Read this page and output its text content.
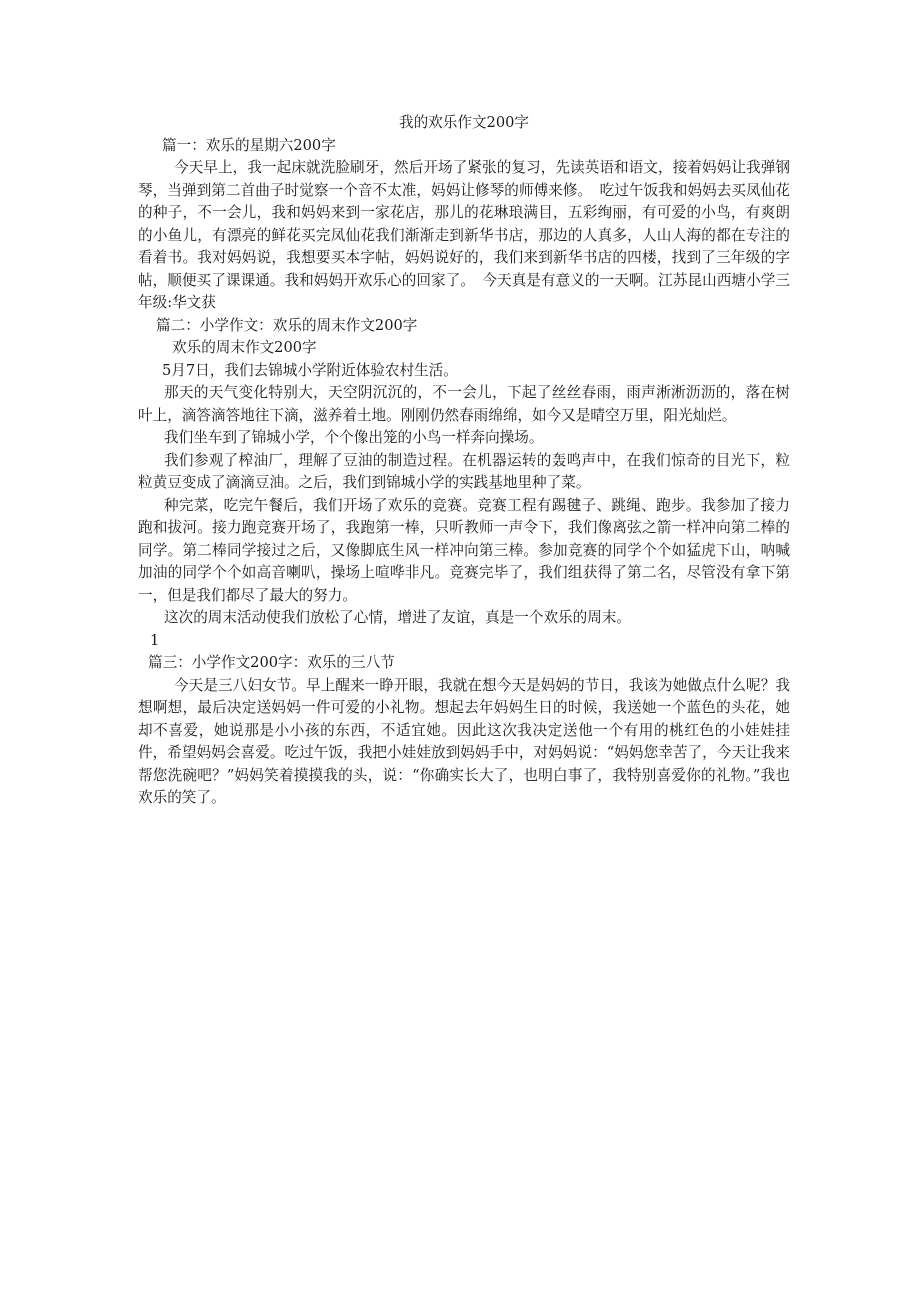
我的欢乐作文200字

篇一：欢乐的星期六200字

今天早上，我一起床就洗脸刷牙，然后开场了紧张的复习，先读英语和语文，接着妈妈让我弹钢琴，当弹到第二首曲子时觉察一个音不太准，妈妈让修琴的师傅来修。　吃过午饭我和妈妈去买凤仙花的种子，不一会儿，我和妈妈来到一家花店，那儿的花琳琅满目，五彩绚丽，有可爱的小鸟，有爽朗的小鱼儿，有漂亮的鲜花买完凤仙花我们渐渐走到新华书店，那边的人真多，人山人海的都在专注的看着书。我对妈妈说，我想要买本字帖，妈妈说好的，我们来到新华书店的四楼，找到了三年级的字帖，顺便买了课课通。我和妈妈开欢乐心的回家了。　今天真是有意义的一天啊。江苏昆山西塘小学三年级:华文获

篇二：小学作文：欢乐的周末作文200字

欢乐的周末作文200字

5月7日，我们去锦城小学附近体验农村生活。

那天的天气变化特别大，天空阴沉沉的，不一会儿，下起了丝丝春雨，雨声淅淅沥沥的，落在树叶上，滴答滴答地往下滴，滋养着土地。刚刚仍然春雨绵绵，如今又是晴空万里，阳光灿烂。

我们坐车到了锦城小学，个个像出笼的小鸟一样奔向操场。

我们参观了榨油厂，理解了豆油的制造过程。在机器运转的轰鸣声中，在我们惊奇的目光下，粒粒黄豆变成了滴滴豆油。之后，我们到锦城小学的实践基地里种了菜。

种完菜，吃完午餐后，我们开场了欢乐的竞赛。竞赛工程有踢毽子、跳绳、跑步。我参加了接力跑和拔河。接力跑竞赛开场了，我跑第一棒，只听教师一声令下，我们像离弦之箭一样冲向第二棒的同学。第二棒同学接过之后，又像脚底生风一样冲向第三棒。参加竞赛的同学个个如猛虎下山，呐喊加油的同学个个如高音喇叭，操场上喧哗非凡。竞赛完毕了，我们组获得了第二名，尽管没有拿下第一，但是我们都尽了最大的努力。

这次的周末活动使我们放松了心情，增进了友谊，真是一个欢乐的周末。

1

篇三：小学作文200字：欢乐的三八节

今天是三八妇女节。早上醒来一睁开眼，我就在想今天是妈妈的节日，我该为她做点什么呢？我想啊想，最后决定送妈妈一件可爱的小礼物。想起去年妈妈生日的时候，我送她一个蓝色的头花，她却不喜爱，她说那是小小孩的东西，不适宜她。因此这次我决定送他一个有用的桃红色的小娃娃挂件，希望妈妈会喜爱。吃过午饭，我把小娃娃放到妈妈手中，对妈妈说：“妈妈您幸苦了，今天让我来帮您洗碗吧？”妈妈笑着摸摸我的头，说：“你确实长大了，也明白事了，我特别喜爱你的礼物。”我也欢乐的笑了。
